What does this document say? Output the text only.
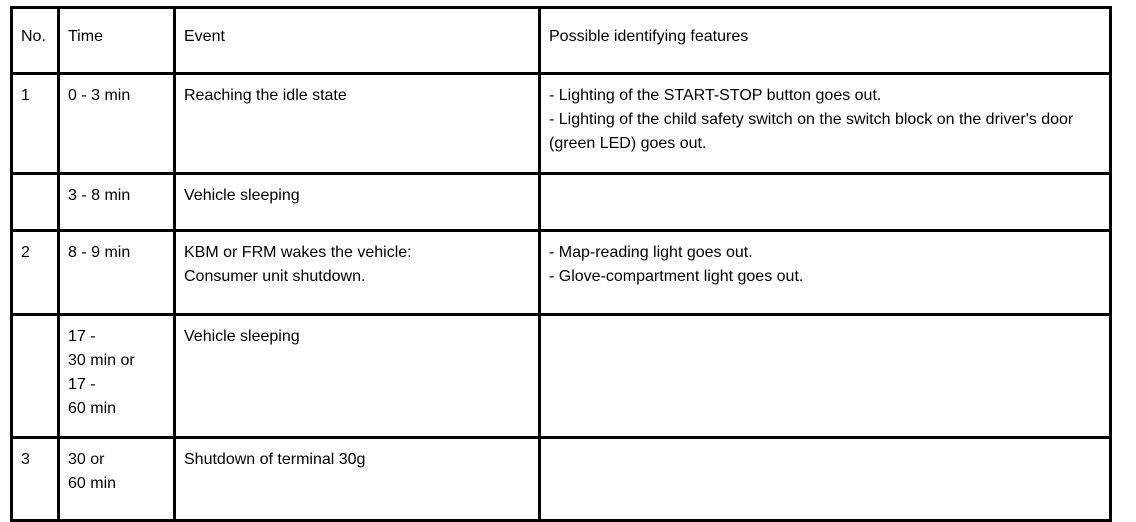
No.	Time	Event	Possible identifying features
1	0 - 3 min	Reaching the idle state	- Lighting of the START-STOP button goes out.
- Lighting of the child safety switch on the switch block on the driver's door (green LED) goes out.
	3 - 8 min	Vehicle sleeping	
2	8 - 9 min	KBM or FRM wakes the vehicle:
Consumer unit shutdown.	- Map-reading light goes out.
- Glove-compartment light goes out.
	17 -
30 min or
17 -
60 min	Vehicle sleeping	
3	30 or
60 min	Shutdown of terminal 30g	
